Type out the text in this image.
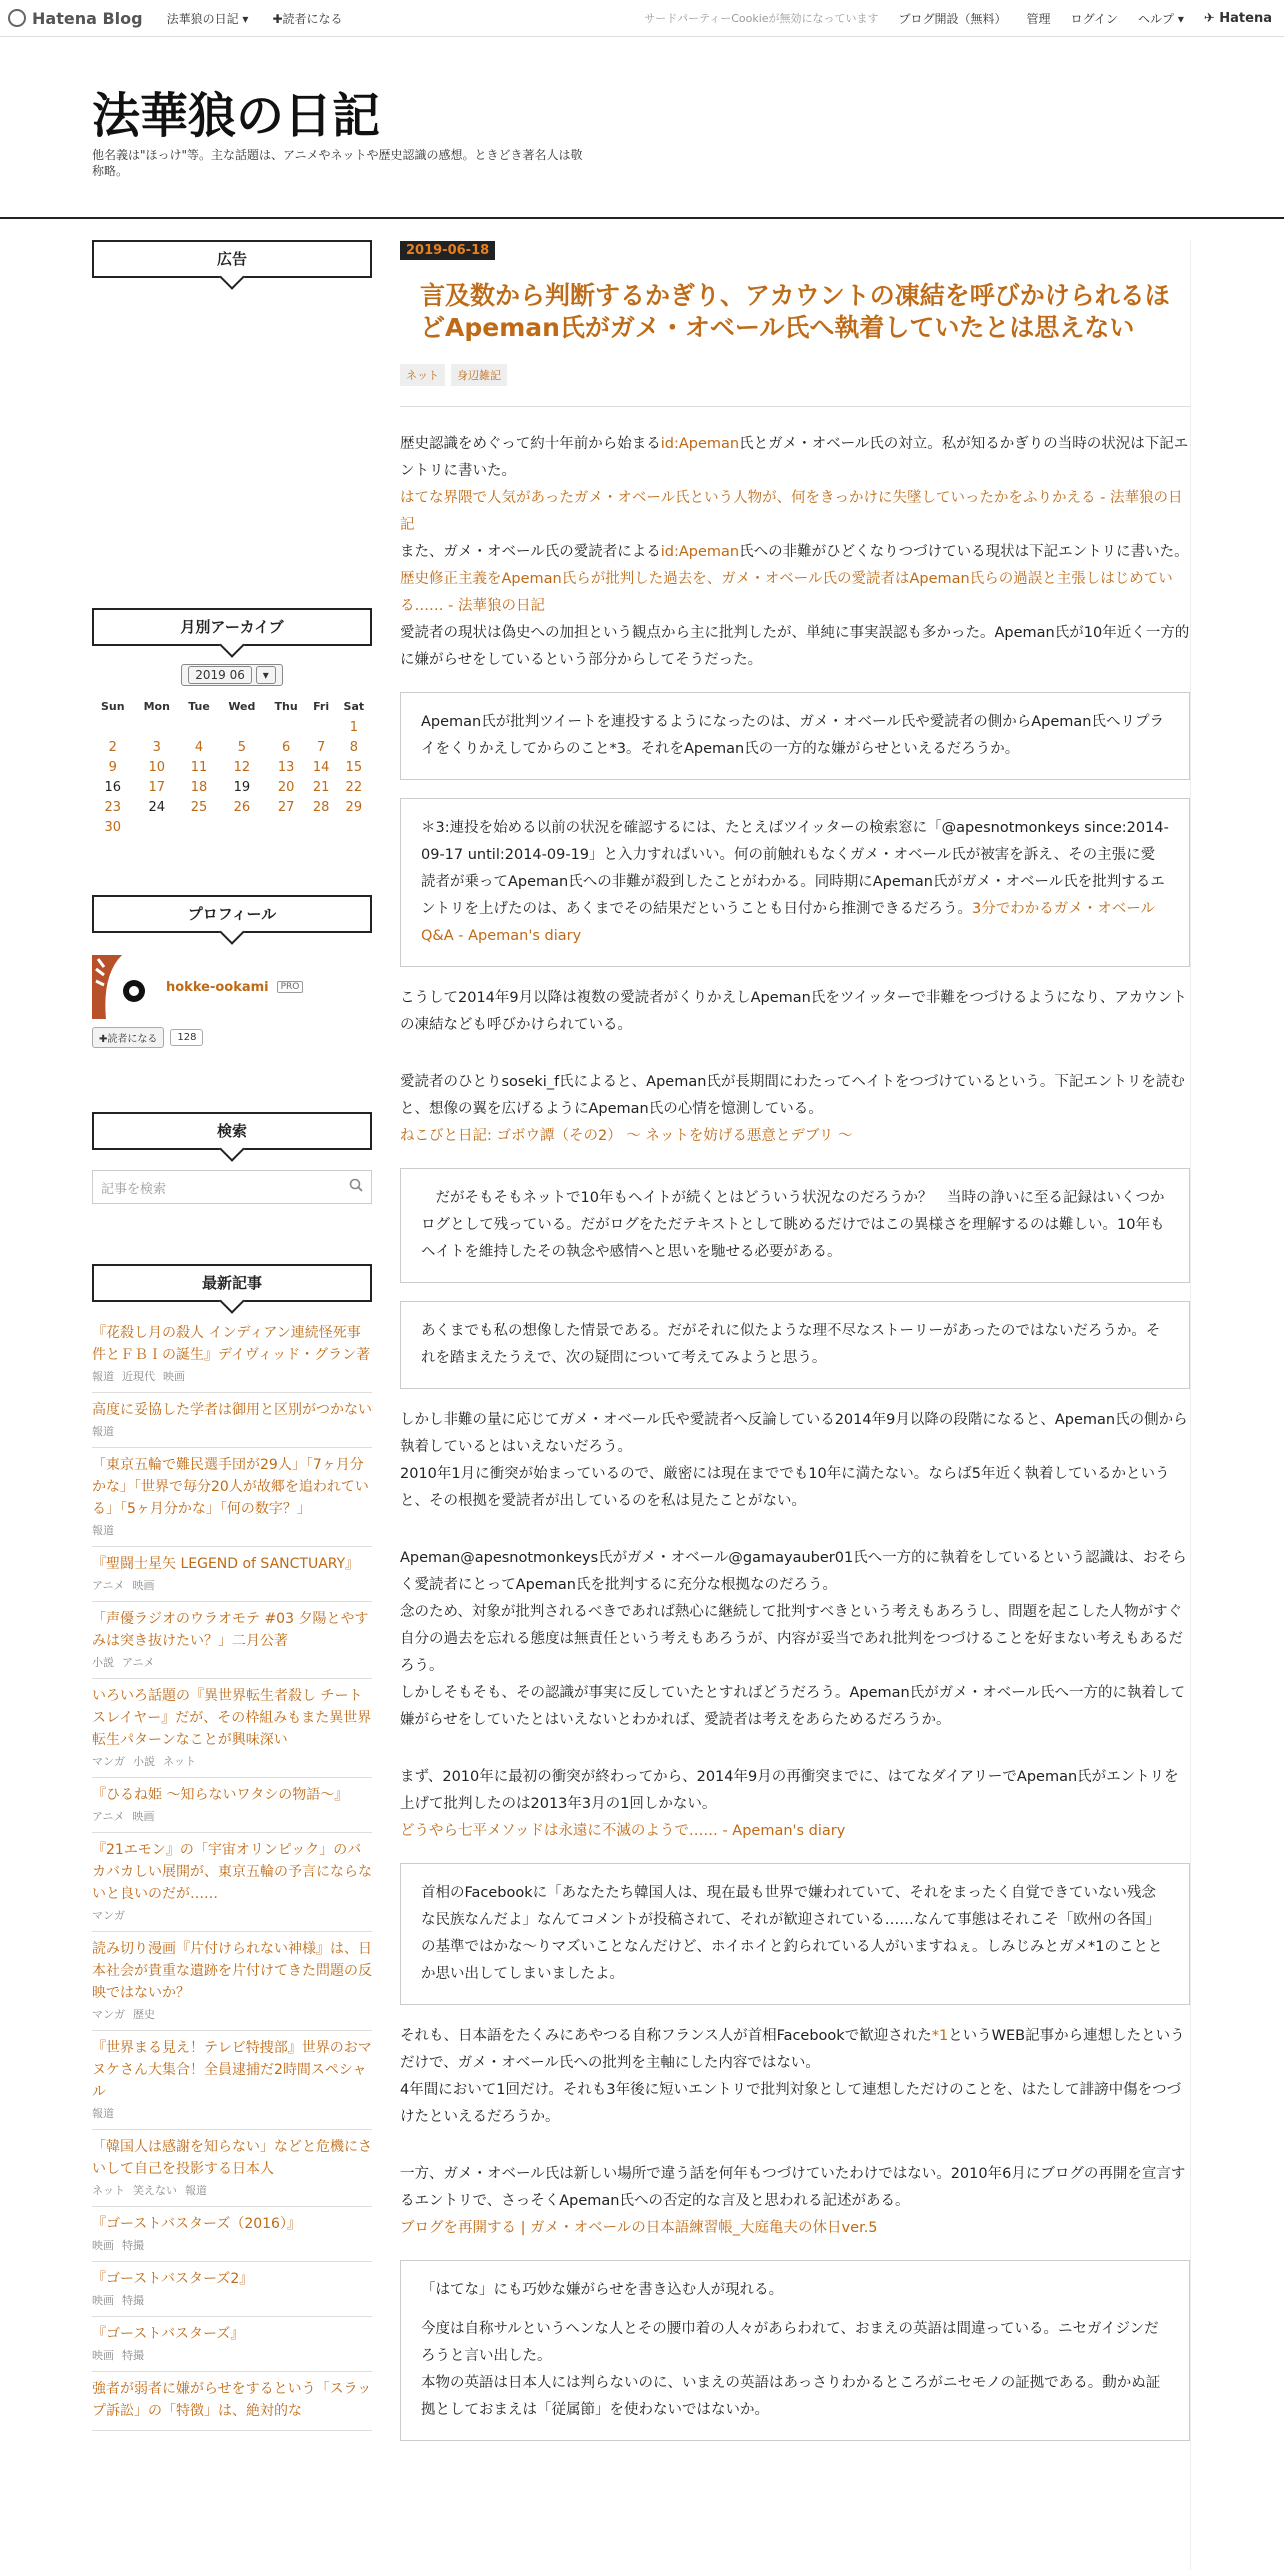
Hatena Blog 法華狼の日記 ▾ ✚読者になる	サードパーティーCookieが無効になっています ブログ開設（無料） 管理 ログイン ヘルプ ▾ ✈ Hatena
法華狼の日記
他名義は"ほっけ"等。主な話題は、アニメやネットや歴史認識の感想。ときどき著名人は敬称略。
広告
月別アーカイブ
2019 06 ▾
Sun	Mon	Tue	Wed	Thu	Fri	Sat
						1
2	3	4	5	6	7	8
9	10	11	12	13	14	15
16	17	18	19	20	21	22
23	24	25	26	27	28	29
30						
プロフィール
hokke-ookami	PRO
✚読者になる	128
検索
記事を検索
最新記事
『花殺し月の殺人 インディアン連続怪死事件とＦＢＩの誕生』デイヴィッド・グラン著
報道 近現代 映画
高度に妥協した学者は御用と区別がつかない
報道
「東京五輪で難民選手団が29人」「7ヶ月分かな」「世界で毎分20人が故郷を追われている」「5ヶ月分かな」「何の数字？」
報道
『聖闘士星矢 LEGEND of SANCTUARY』
アニメ 映画
「声優ラジオのウラオモテ #03 夕陽とやすみは突き抜けたい？」二月公著
小説 アニメ
いろいろ話題の『異世界転生者殺し チートスレイヤー』だが、その枠組みもまた異世界転生パターンなことが興味深い
マンガ 小説 ネット
『ひるね姫 ～知らないワタシの物語～』
アニメ 映画
『21エモン』の「宇宙オリンピック」のバカバカしい展開が、東京五輪の予言にならないと良いのだが……
マンガ
読み切り漫画『片付けられない神様』は、日本社会が貴重な遺跡を片付けてきた問題の反映ではないか？
マンガ 歴史
『世界まる見え！テレビ特捜部』世界のおマヌケさん大集合！全員逮捕だ2時間スペシャル
報道
「韓国人は感謝を知らない」などと危機にさいして自己を投影する日本人
ネット 笑えない 報道
『ゴーストバスターズ（2016）』
映画 特撮
『ゴーストバスターズ2』
映画 特撮
『ゴーストバスターズ』
映画 特撮
強者が弱者に嫌がらせをするという「スラップ訴訟」の「特徴」は、絶対的な
2019-06-18
言及数から判断するかぎり、アカウントの凍結を呼びかけられるほどApeman氏がガメ・オベール氏へ執着していたとは思えない
ネット	身辺雑記

歴史認識をめぐって約十年前から始まるid:Apeman氏とガメ・オベール氏の対立。私が知るかぎりの当時の状況は下記エントリに書いた。

はてな界隈で人気があったガメ・オベール氏という人物が、何をきっかけに失墜していったかをふりかえる - 法華狼の日記

また、ガメ・オベール氏の愛読者によるid:Apeman氏への非難がひどくなりつづけている現状は下記エントリに書いた。

歴史修正主義をApeman氏らが批判した過去を、ガメ・オベール氏の愛読者はApeman氏らの過誤と主張しはじめている…… - 法華狼の日記

愛読者の現状は偽史への加担という観点から主に批判したが、単純に事実誤認も多かった。Apeman氏が10年近く一方的に嫌がらせをしているという部分からしてそうだった。

Apeman氏が批判ツイートを連投するようになったのは、ガメ・オベール氏や愛読者の側からApeman氏へリプライをくりかえしてからのこと*3。それをApeman氏の一方的な嫌がらせといえるだろうか。
＊3:連投を始める以前の状況を確認するには、たとえばツイッターの検索窓に「@apesnotmonkeys since:2014-09-17 until:2014-09-19」と入力すればいい。何の前触れもなくガメ・オベール氏が被害を訴え、その主張に愛読者が乗ってApeman氏への非難が殺到したことがわかる。同時期にApeman氏がガメ・オベール氏を批判するエントリを上げたのは、あくまでその結果だということも日付から推測できるだろう。3分でわかるガメ・オベールQ&A - Apeman's diary

こうして2014年9月以降は複数の愛読者がくりかえしApeman氏をツイッターで非難をつづけるようになり、アカウントの凍結なども呼びかけられている。

愛読者のひとりsoseki_f氏によると、Apeman氏が長期間にわたってヘイトをつづけているという。下記エントリを読むと、想像の翼を広げるようにApeman氏の心情を憶測している。

ねこびと日記: ゴボウ譚（その2） 〜 ネットを妨げる悪意とデブリ 〜

　だがそもそもネットで10年もヘイトが続くとはどういう状況なのだろうか？　当時の諍いに至る記録はいくつかログとして残っている。だがログをただテキストとして眺めるだけではこの異様さを理解するのは難しい。10年もヘイトを維持したその執念や感情へと思いを馳せる必要がある。
あくまでも私の想像した情景である。だがそれに似たような理不尽なストーリーがあったのではないだろうか。それを踏まえたうえで、次の疑問について考えてみようと思う。

しかし非難の量に応じてガメ・オベール氏や愛読者へ反論している2014年9月以降の段階になると、Apeman氏の側から執着しているとはいえないだろう。

2010年1月に衝突が始まっているので、厳密には現在まででも10年に満たない。ならば5年近く執着しているかというと、その根拠を愛読者が出しているのを私は見たことがない。

Apeman@apesnotmonkeys氏がガメ・オベール@gamayauber01氏へ一方的に執着をしているという認識は、おそらく愛読者にとってApeman氏を批判するに充分な根拠なのだろう。

念のため、対象が批判されるべきであれば熱心に継続して批判すべきという考えもあろうし、問題を起こした人物がすぐ自分の過去を忘れる態度は無責任という考えもあろうが、内容が妥当であれ批判をつづけることを好まない考えもあるだろう。

しかしそもそも、その認識が事実に反していたとすればどうだろう。Apeman氏がガメ・オベール氏へ一方的に執着して嫌がらせをしていたとはいえないとわかれば、愛読者は考えをあらためるだろうか。

まず、2010年に最初の衝突が終わってから、2014年9月の再衝突までに、はてなダイアリーでApeman氏がエントリを上げて批判したのは2013年3月の1回しかない。

どうやら七平メソッドは永遠に不滅のようで…… - Apeman's diary

首相のFacebookに「あなたたち韓国人は、現在最も世界で嫌われていて、それをまったく自覚できていない残念な民族なんだよ」なんてコメントが投稿されて、それが歓迎されている……なんて事態はそれこそ「欧州の各国」の基準ではかな〜りマズいことなんだけど、ホイホイと釣られている人がいますねぇ。しみじみとガメ*1のこととか思い出してしまいましたよ。

それも、日本語をたくみにあやつる自称フランス人が首相Facebookで歓迎された*1というWEB記事から連想したというだけで、ガメ・オベール氏への批判を主軸にした内容ではない。

4年間において1回だけ。それも3年後に短いエントリで批判対象として連想しただけのことを、はたして誹謗中傷をつづけたといえるだろうか。

一方、ガメ・オベール氏は新しい場所で違う話を何年もつづけていたわけではない。2010年6月にブログの再開を宣言するエントリで、さっそくApeman氏への否定的な言及と思われる記述がある。

ブログを再開する | ガメ・オベールの日本語練習帳_大庭亀夫の休日ver.5

「はてな」にも巧妙な嫌がらせを書き込む人が現れる。
今度は自称サルというヘンな人とその腰巾着の人々があらわれて、おまえの英語は間違っている。ニセガイジンだろうと言い出した。
本物の英語は日本人には判らないのに、いまえの英語はあっさりわかるところがニセモノの証拠である。動かぬ証拠としておまえは「従属節」を使わないではないか。
